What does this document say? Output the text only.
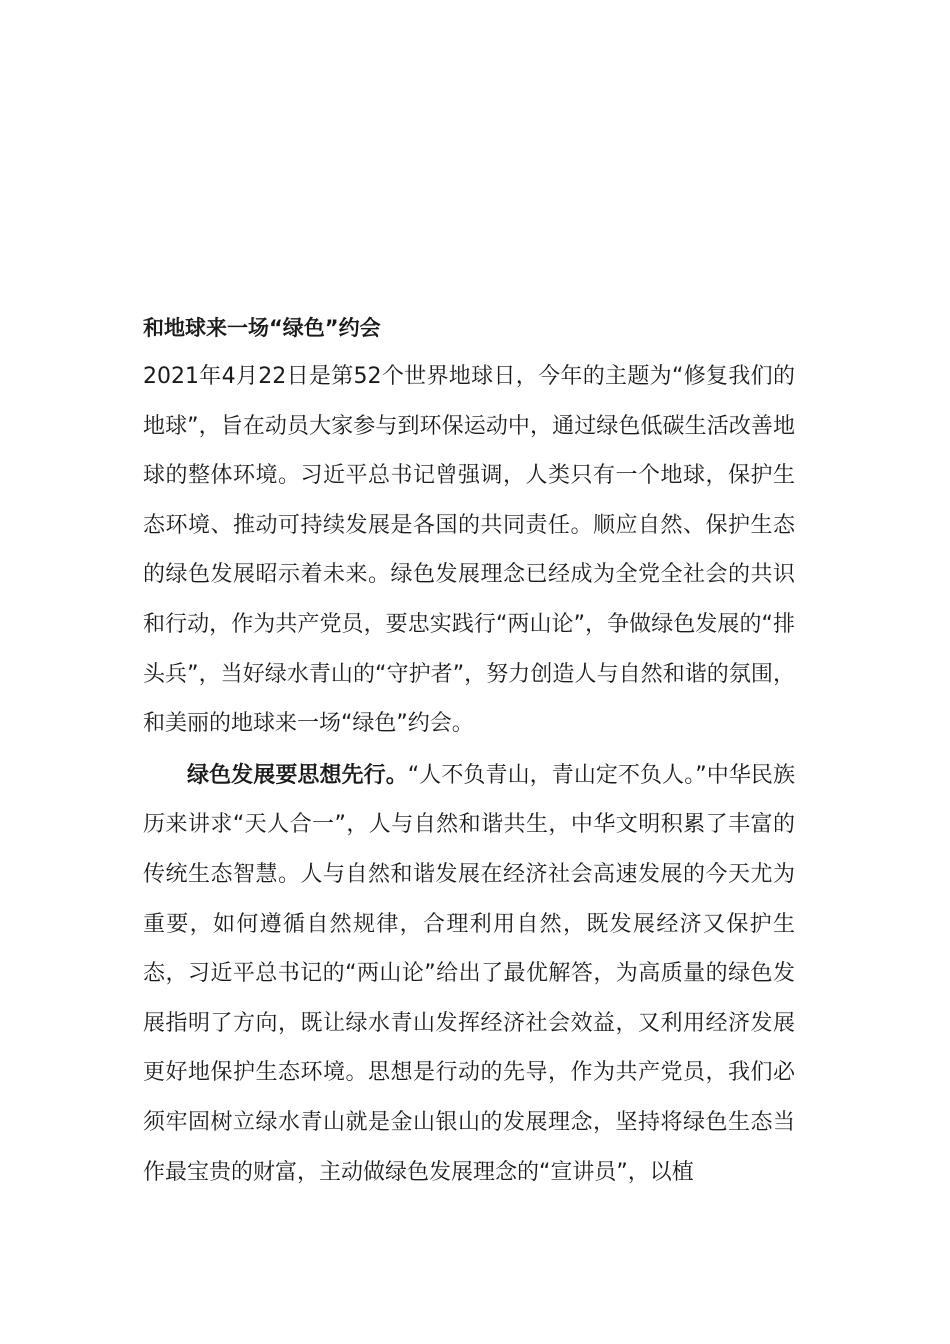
和地球来一场“绿色”约会

2021年4月22日是第52个世界地球日，今年的主题为“修复我们的地球”，旨在动员大家参与到环保运动中，通过绿色低碳生活改善地球的整体环境。习近平总书记曾强调，人类只有一个地球，保护生态环境、推动可持续发展是各国的共同责任。顺应自然、保护生态的绿色发展昭示着未来。绿色发展理念已经成为全党全社会的共识和行动，作为共产党员，要忠实践行“两山论”，争做绿色发展的“排头兵”，当好绿水青山的“守护者”，努力创造人与自然和谐的氛围，和美丽的地球来一场“绿色”约会。

绿色发展要思想先行。“人不负青山，青山定不负人。”中华民族历来讲求“天人合一”，人与自然和谐共生，中华文明积累了丰富的传统生态智慧。人与自然和谐发展在经济社会高速发展的今天尤为重要，如何遵循自然规律，合理利用自然，既发展经济又保护生态，习近平总书记的“两山论”给出了最优解答，为高质量的绿色发展指明了方向，既让绿水青山发挥经济社会效益，又利用经济发展更好地保护生态环境。思想是行动的先导，作为共产党员，我们必须牢固树立绿水青山就是金山银山的发展理念，坚持将绿色生态当作最宝贵的财富，主动做绿色发展理念的“宣讲员”，以植
